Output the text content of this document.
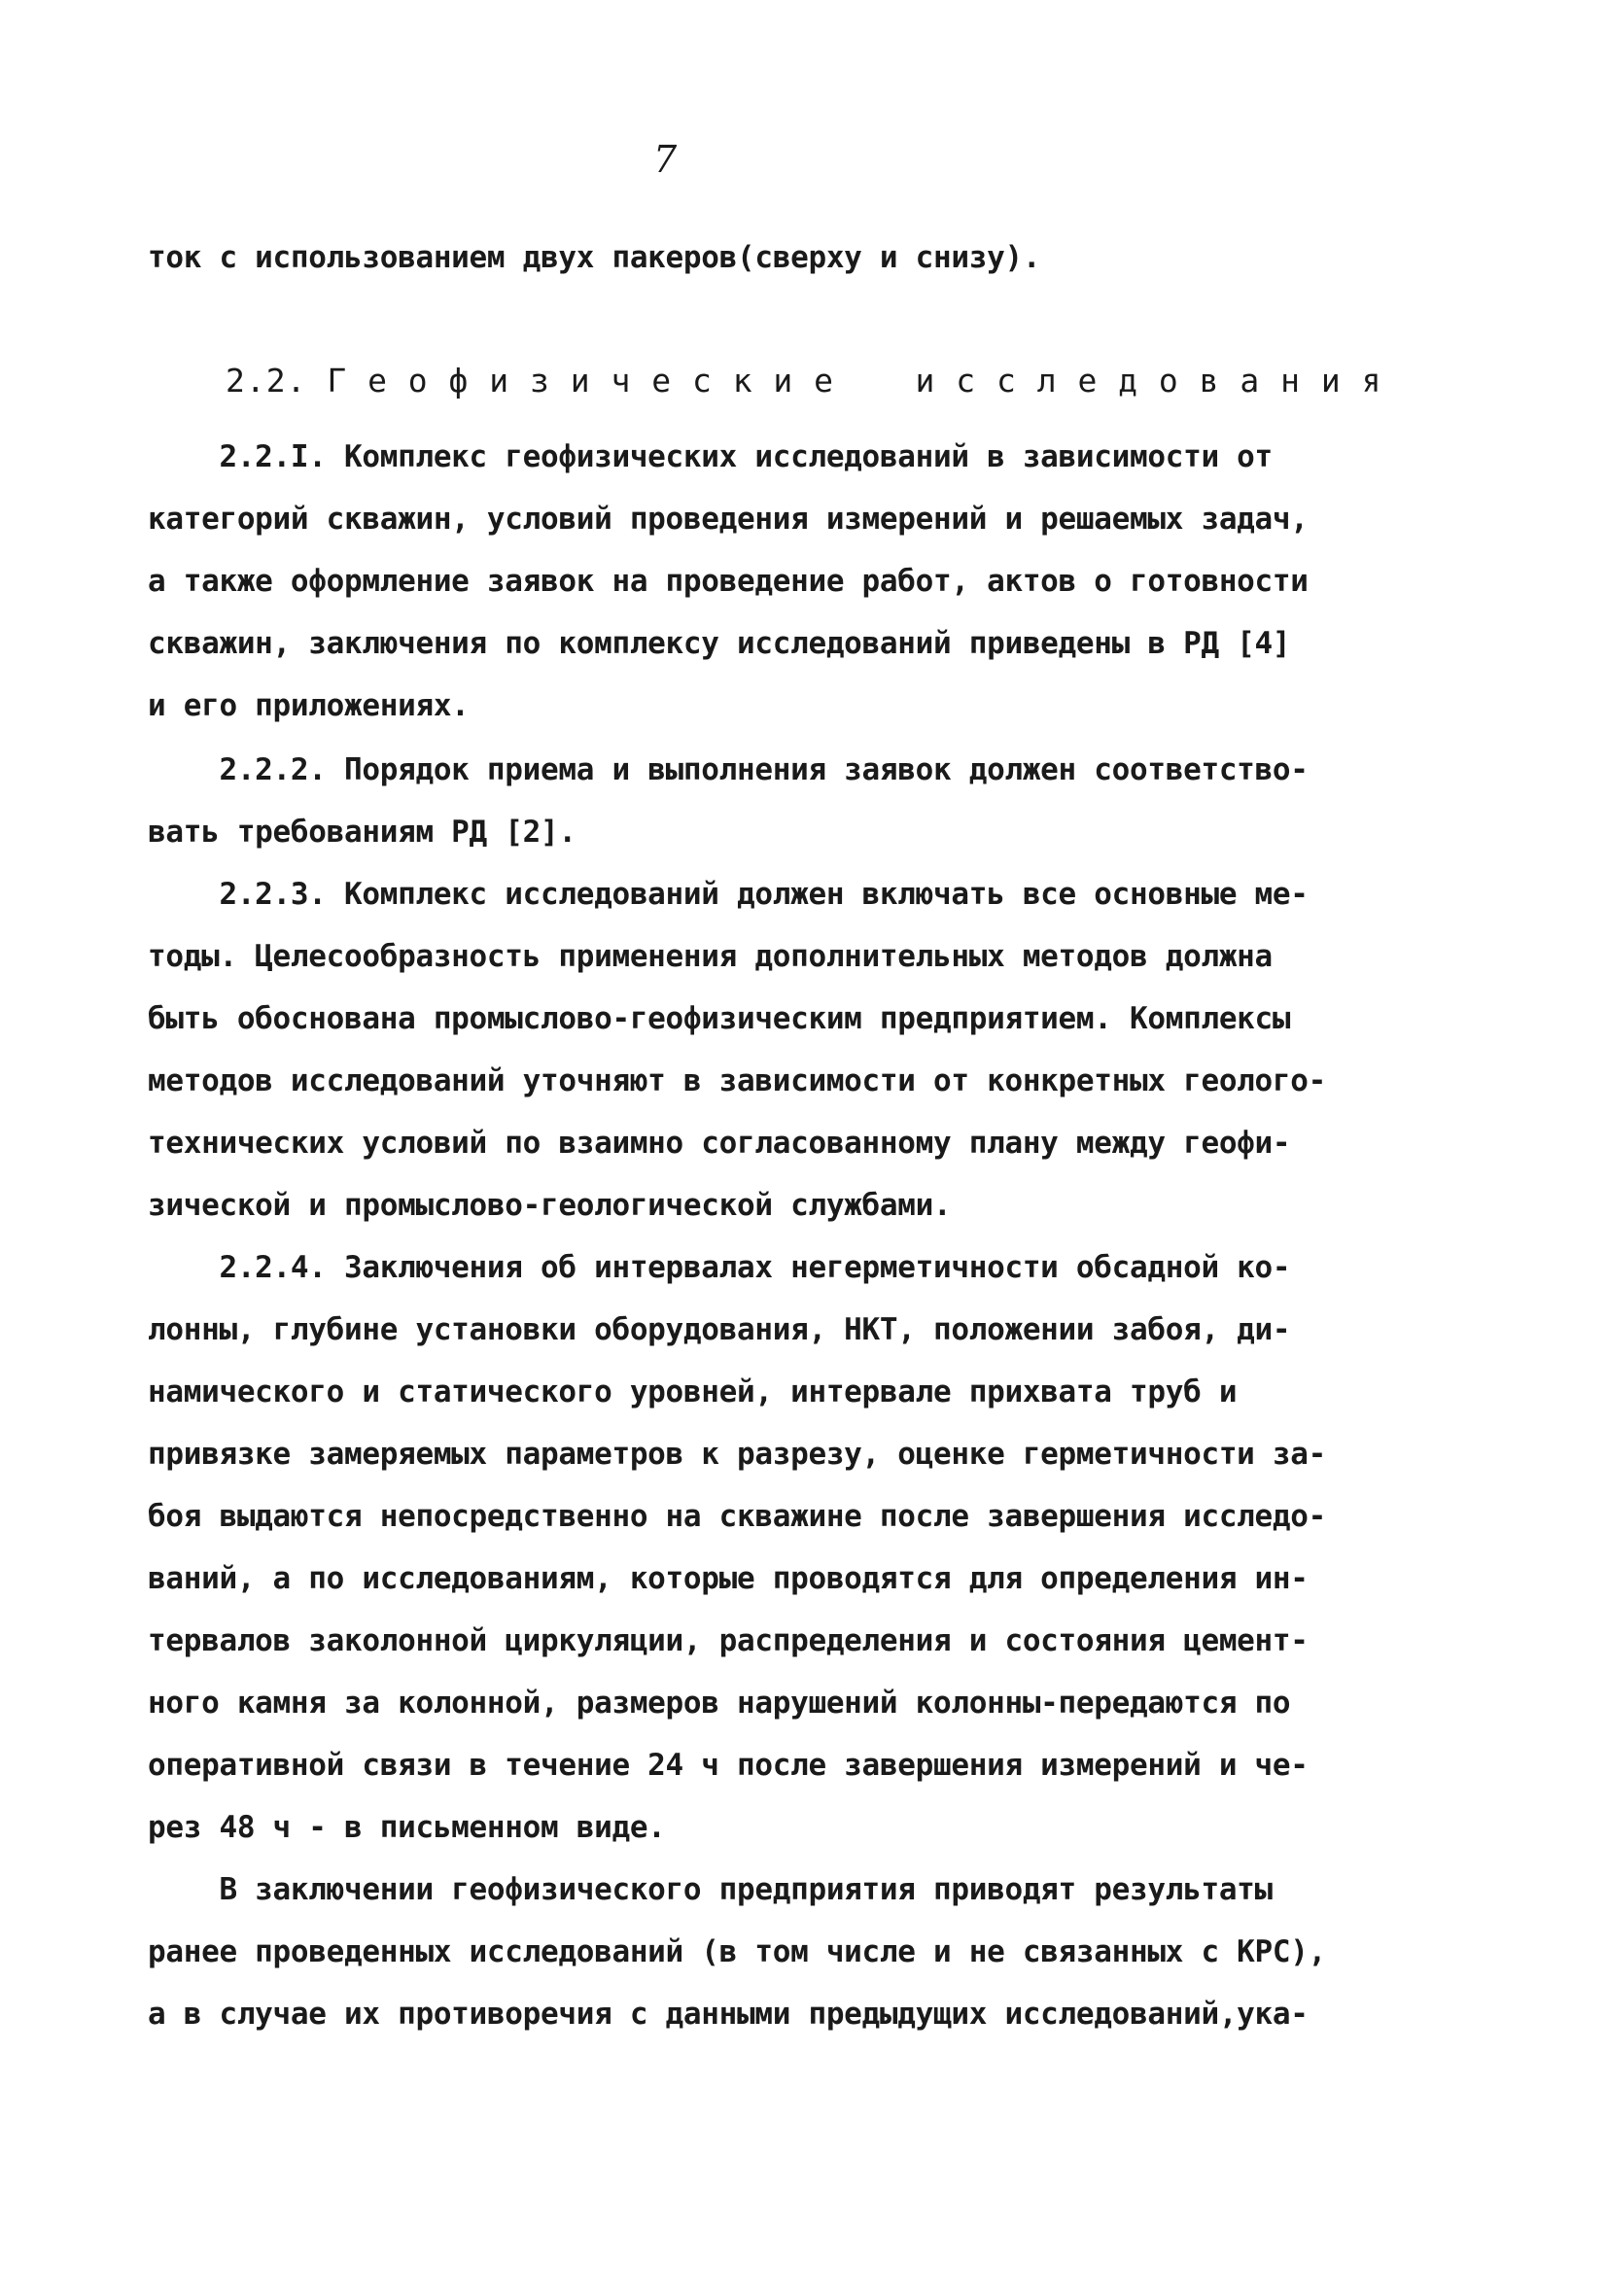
7
ток с использованием двух пакеров(сверху и снизу).
2.2. Г е о ф и з и ч е с к и е    и с с л е д о в а н и я
2.2.I. Комплекс геофизических исследований в зависимости от
категорий скважин, условий проведения измерений и решаемых задач,
а также оформление заявок на проведение работ, актов о готовности
скважин, заключения по комплексу исследований приведены в РД [4]
и его приложениях.
2.2.2. Порядок приема и выполнения заявок должен соответство-
вать требованиям РД [2].
2.2.3. Комплекс исследований должен включать все основные ме-
тоды. Целесообразность применения дополнительных методов должна
быть обоснована промыслово-геофизическим предприятием. Комплексы
методов исследований уточняют в зависимости от конкретных геолого-
технических условий по взаимно согласованному плану между геофи-
зической и промыслово-геологической службами.
2.2.4. Заключения об интервалах негерметичности обсадной ко-
лонны, глубине установки оборудования, НКТ, положении забоя, ди-
намического и статического уровней, интервале прихвата труб и
привязке замеряемых параметров к разрезу, оценке герметичности за-
боя выдаются непосредственно на скважине после завершения исследо-
ваний, а по исследованиям, которые проводятся для определения ин-
тервалов заколонной циркуляции, распределения и состояния цемент-
ного камня за колонной, размеров нарушений колонны-передаются по
оперативной связи в течение 24 ч после завершения измерений и че-
рез 48 ч - в письменном виде.
В заключении геофизического предприятия приводят результаты
ранее проведенных исследований (в том числе и не связанных с КРС),
а в случае их противоречия с данными предыдущих исследований,ука-
